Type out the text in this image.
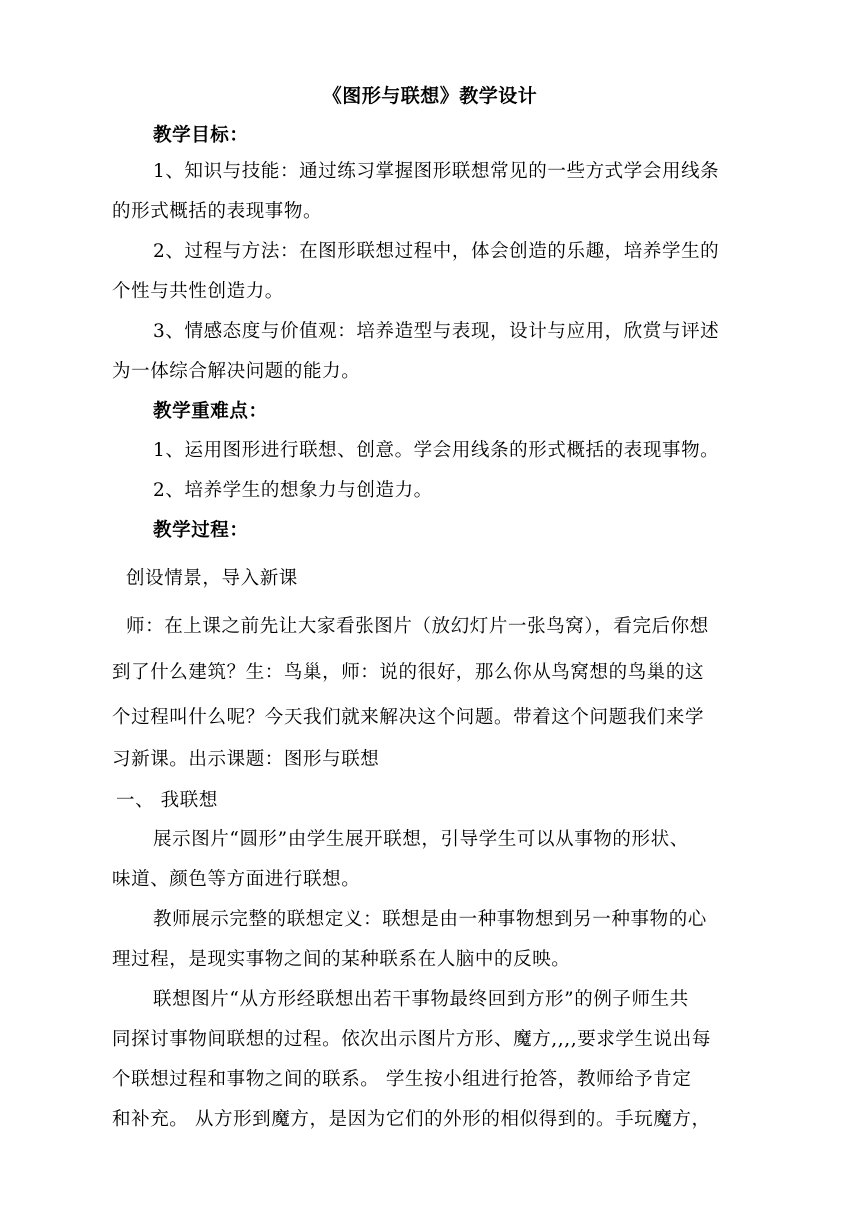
《图形与联想》教学设计
教学目标：
1、知识与技能：通过练习掌握图形联想常见的一些方式学会用线条
的形式概括的表现事物。
2、过程与方法：在图形联想过程中，体会创造的乐趣，培养学生的
个性与共性创造力。
3、情感态度与价值观：培养造型与表现，设计与应用，欣赏与评述
为一体综合解决问题的能力。
教学重难点：
1、运用图形进行联想、创意。学会用线条的形式概括的表现事物。
2、培养学生的想象力与创造力。
教学过程：
创设情景，导入新课
师：在上课之前先让大家看张图片（放幻灯片一张鸟窝），看完后你想
到了什么建筑？生：鸟巢，师：说的很好，那么你从鸟窝想的鸟巢的这
个过程叫什么呢？今天我们就来解决这个问题。带着这个问题我们来学
习新课。出示课题：图形与联想
一、 我联想
展示图片“圆形”由学生展开联想，引导学生可以从事物的形状、
味道、颜色等方面进行联想。
教师展示完整的联想定义：联想是由一种事物想到另一种事物的心
理过程，是现实事物之间的某种联系在人脑中的反映。
联想图片“从方形经联想出若干事物最终回到方形”的例子师生共
同探讨事物间联想的过程。依次出示图片方形、魔方,,,,要求学生说出每
个联想过程和事物之间的联系。 学生按小组进行抢答，教师给予肯定
和补充。 从方形到魔方，是因为它们的外形的相似得到的。手玩魔方，
